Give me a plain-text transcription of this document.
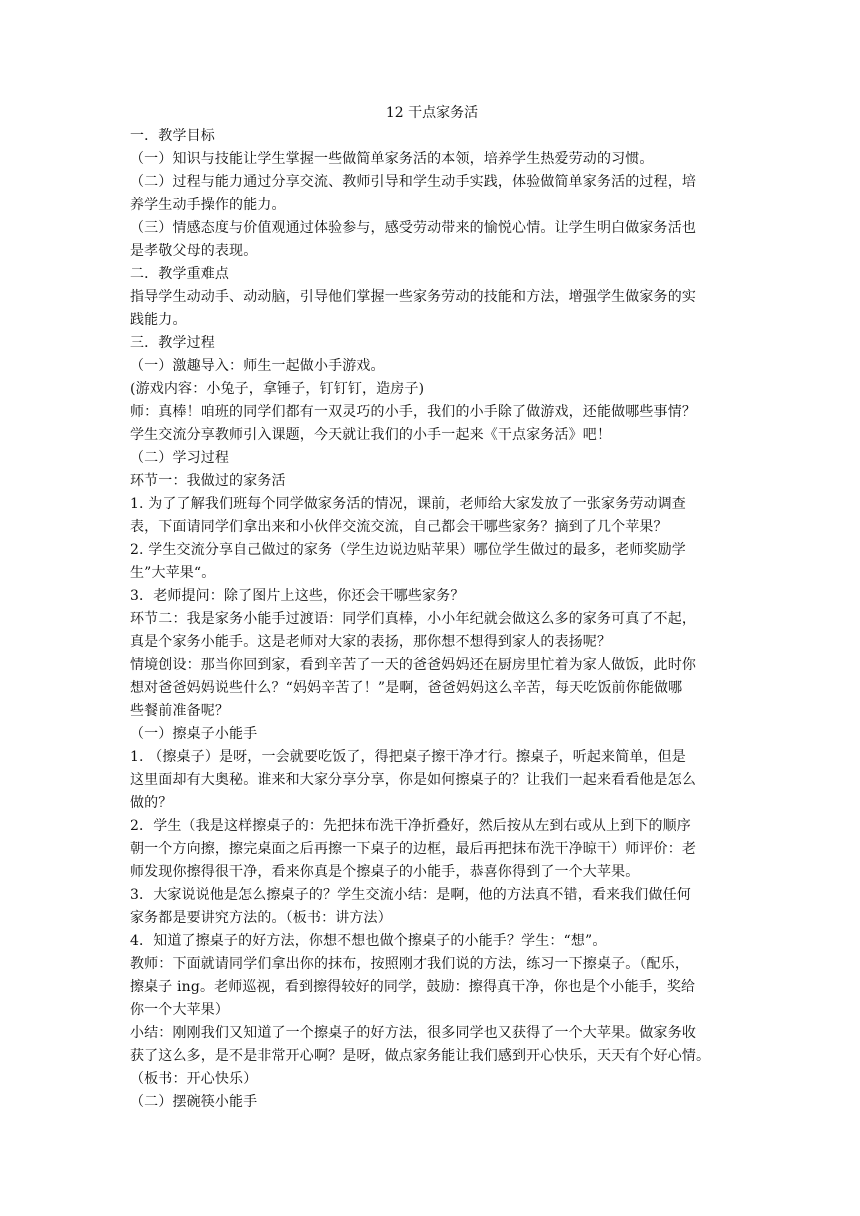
12 干点家务活

一．教学目标

（一）知识与技能让学生掌握一些做简单家务活的本领，培养学生热爱劳动的习惯。

（二）过程与能力通过分享交流、教师引导和学生动手实践，体验做简单家务活的过程，培

养学生动手操作的能力。

（三）情感态度与价值观通过体验参与，感受劳动带来的愉悦心情。让学生明白做家务活也

是孝敬父母的表现。

二．教学重难点

指导学生动动手、动动脑，引导他们掌握一些家务劳动的技能和方法，增强学生做家务的实

践能力。

三．教学过程

（一）激趣导入：师生一起做小手游戏。

(游戏内容：小兔子，拿锤子，钉钉钉，造房子)

师：真棒！咱班的同学们都有一双灵巧的小手，我们的小手除了做游戏，还能做哪些事情？

学生交流分享教师引入课题，今天就让我们的小手一起来《干点家务活》吧！

（二）学习过程

环节一：我做过的家务活

1. 为了了解我们班每个同学做家务活的情况，课前，老师给大家发放了一张家务劳动调查

表，下面请同学们拿出来和小伙伴交流交流，自己都会干哪些家务？摘到了几个苹果？

2. 学生交流分享自己做过的家务（学生边说边贴苹果）哪位学生做过的最多，老师奖励学

生”大苹果“。

3．老师提问：除了图片上这些，你还会干哪些家务？

环节二：我是家务小能手过渡语：同学们真棒，小小年纪就会做这么多的家务可真了不起，

真是个家务小能手。这是老师对大家的表扬，那你想不想得到家人的表扬呢？

情境创设：那当你回到家，看到辛苦了一天的爸爸妈妈还在厨房里忙着为家人做饭，此时你

想对爸爸妈妈说些什么？“妈妈辛苦了！”是啊，爸爸妈妈这么辛苦，每天吃饭前你能做哪

些餐前准备呢？

（一）擦桌子小能手

1. （擦桌子）是呀，一会就要吃饭了，得把桌子擦干净才行。擦桌子，听起来简单，但是

这里面却有大奥秘。谁来和大家分享分享，你是如何擦桌子的？让我们一起来看看他是怎么

做的？

2．学生（我是这样擦桌子的：先把抹布洗干净折叠好，然后按从左到右或从上到下的顺序

朝一个方向擦，擦完桌面之后再擦一下桌子的边框，最后再把抹布洗干净晾干）师评价：老

师发现你擦得很干净，看来你真是个擦桌子的小能手，恭喜你得到了一个大苹果。

3．大家说说他是怎么擦桌子的？学生交流小结：是啊，他的方法真不错，看来我们做任何

家务都是要讲究方法的。（板书：讲方法）

4．知道了擦桌子的好方法，你想不想也做个擦桌子的小能手？学生：“想”。

教师：下面就请同学们拿出你的抹布，按照刚才我们说的方法，练习一下擦桌子。（配乐，

擦桌子 ing。老师巡视，看到擦得较好的同学，鼓励：擦得真干净，你也是个小能手，奖给

你一个大苹果）

小结：刚刚我们又知道了一个擦桌子的好方法，很多同学也又获得了一个大苹果。做家务收

获了这么多，是不是非常开心啊？是呀，做点家务能让我们感到开心快乐，天天有个好心情。

（板书：开心快乐）

（二）摆碗筷小能手
